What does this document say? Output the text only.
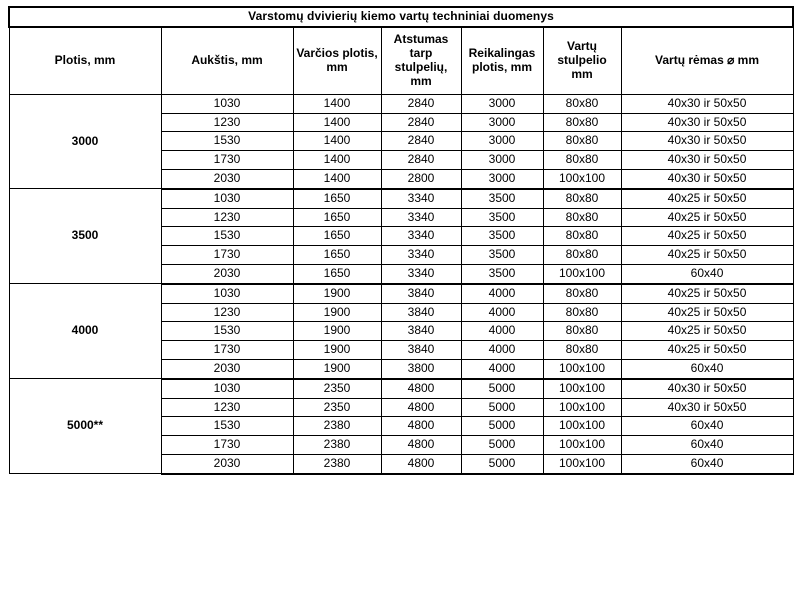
Varstomų dvivierių kiemo vartų techniniai duomenys						
Plotis, mm	Aukštis, mm	Varčios plotis, mm	Atstumas tarp stulpelių, mm	Reikalingas plotis, mm	Vartų stulpelio mm	Vartų rėmas ⌀ mm
3000	1030	1400	2840	3000	80x80	40x30 ir 50x50
	1230	1400	2840	3000	80x80	40x30 ir 50x50
	1530	1400	2840	3000	80x80	40x30 ir 50x50
	1730	1400	2840	3000	80x80	40x30 ir 50x50
	2030	1400	2800	3000	100x100	40x30 ir 50x50
3500	1030	1650	3340	3500	80x80	40x25 ir 50x50
	1230	1650	3340	3500	80x80	40x25 ir 50x50
	1530	1650	3340	3500	80x80	40x25 ir 50x50
	1730	1650	3340	3500	80x80	40x25 ir 50x50
	2030	1650	3340	3500	100x100	60x40
4000	1030	1900	3840	4000	80x80	40x25 ir 50x50
	1230	1900	3840	4000	80x80	40x25 ir 50x50
	1530	1900	3840	4000	80x80	40x25 ir 50x50
	1730	1900	3840	4000	80x80	40x25 ir 50x50
	2030	1900	3800	4000	100x100	60x40
5000**	1030	2350	4800	5000	100x100	40x30 ir 50x50
	1230	2350	4800	5000	100x100	40x30 ir 50x50
	1530	2380	4800	5000	100x100	60x40
	1730	2380	4800	5000	100x100	60x40
	2030	2380	4800	5000	100x100	60x40
